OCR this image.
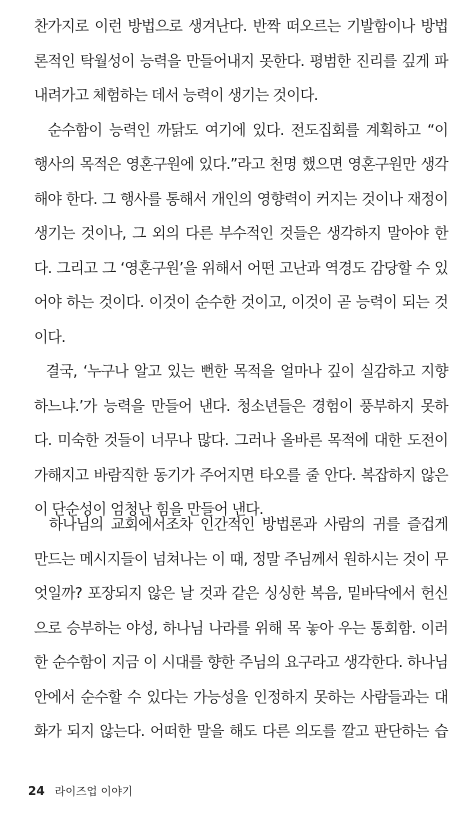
찬가지로 이런 방법으로 생겨난다. 반짝 떠오르는 기발함이나 방법
론적인 탁월성이 능력을 만들어내지 못한다. 평범한 진리를 깊게 파
내려가고 체험하는 데서 능력이 생기는 것이다.
순수함이 능력인 까닭도 여기에 있다. 전도집회를 계획하고 “이
행사의 목적은 영혼구원에 있다.”라고 천명 했으면 영혼구원만 생각
해야 한다. 그 행사를 통해서 개인의 영향력이 커지는 것이나 재정이
생기는 것이나, 그 외의 다른 부수적인 것들은 생각하지 말아야 한
다. 그리고 그 ‘영혼구원’을 위해서 어떤 고난과 역경도 감당할 수 있
어야 하는 것이다. 이것이 순수한 것이고, 이것이 곧 능력이 되는 것
이다.
결국, ‘누구나 알고 있는 뻔한 목적을 얼마나 깊이 실감하고 지향
하느냐.’가 능력을 만들어 낸다. 청소년들은 경험이 풍부하지 못하
다. 미숙한 것들이 너무나 많다. 그러나 올바른 목적에 대한 도전이
가해지고 바람직한 동기가 주어지면 타오를 줄 안다. 복잡하지 않은
이 단순성이 엄청난 힘을 만들어 낸다.
하나님의 교회에서조차 인간적인 방법론과 사람의 귀를 즐겁게
만드는 메시지들이 넘쳐나는 이 때, 정말 주님께서 원하시는 것이 무
엇일까? 포장되지 않은 날 것과 같은 싱싱한 복음, 밑바닥에서 헌신
으로 승부하는 야성, 하나님 나라를 위해 목 놓아 우는 통회함. 이러
한 순수함이 지금 이 시대를 향한 주님의 요구라고 생각한다. 하나님
안에서 순수할 수 있다는 가능성을 인정하지 못하는 사람들과는 대
화가 되지 않는다. 어떠한 말을 해도 다른 의도를 깔고 판단하는 습
24 라이즈업 이야기
